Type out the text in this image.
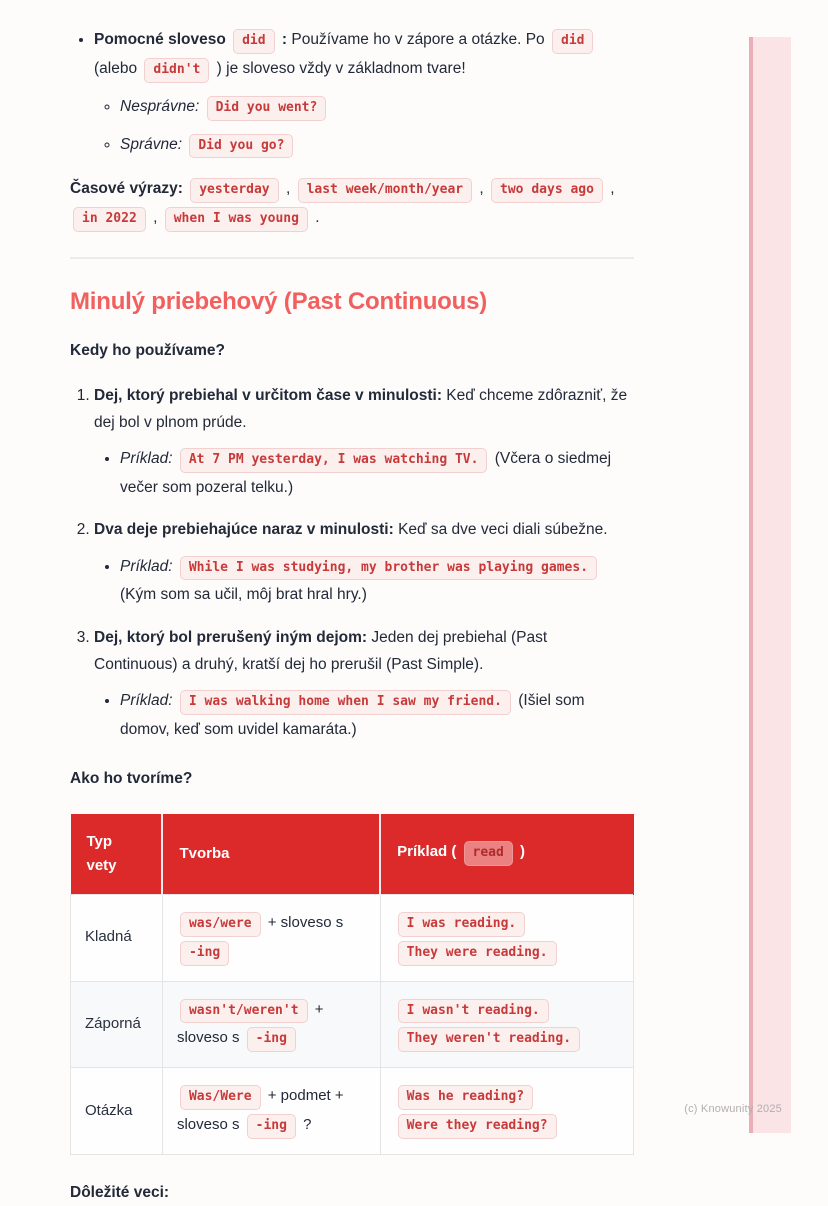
• Pomocné sloveso did : Používame ho v zápore a otázke. Po did (alebo didn't ) je sloveso vždy v základnom tvare!
◦ Nesprávne: Did you went?
◦ Správne: Did you go?

Časové výrazy: yesterday , last week/month/year , two days ago , in 2022 , when I was young .

Minulý priebehový (Past Continuous)

Kedy ho používame?

1. Dej, ktorý prebiehal v určitom čase v minulosti: Keď chceme zdôrazniť, že dej bol v plnom prúde.
• Príklad: At 7 PM yesterday, I was watching TV. (Včera o siedmej večer som pozeral telku.)
2. Dva deje prebiehajúce naraz v minulosti: Keď sa dve veci diali súbežne.
• Príklad: While I was studying, my brother was playing games. (Kým som sa učil, môj brat hral hry.)
3. Dej, ktorý bol prerušený iným dejom: Jeden dej prebiehal (Past Continuous) a druhý, kratší dej ho prerušil (Past Simple).
• Príklad: I was walking home when I saw my friend. (Išiel som domov, keď som uvidel kamaráta.)

Ako ho tvoríme?

Typ vety	Tvorba	Príklad ( read )
Kladná	was/were + sloveso s -ing	I was reading. They were reading.
Záporná	wasn't/weren't + sloveso s -ing	I wasn't reading. They weren't reading.
Otázka	Was/Were + podmet + sloveso s -ing ?	Was he reading? Were they reading?

Dôležité veci:

(c) Knowunity 2025
